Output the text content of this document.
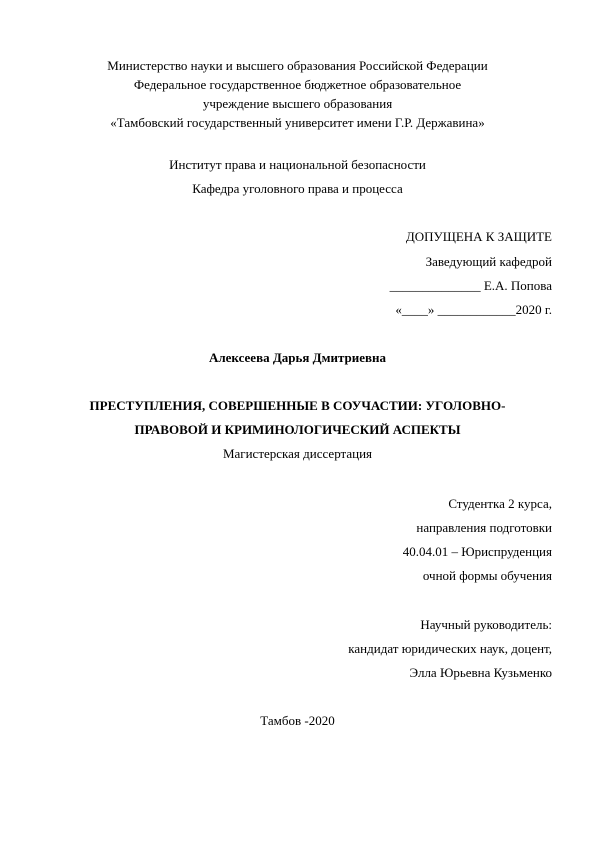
Министерство науки и высшего образования Российской Федерации
Федеральное государственное бюджетное образовательное
учреждение высшего образования
«Тамбовский государственный университет имени Г.Р. Державина»
Институт права и национальной безопасности
Кафедра уголовного права и процесса
ДОПУЩЕНА К ЗАЩИТЕ
Заведующий кафедрой
______________ Е.А. Попова
«____» ____________2020 г.
Алексеева Дарья Дмитриевна
ПРЕСТУПЛЕНИЯ, СОВЕРШЕННЫЕ В СОУЧАСТИИ: УГОЛОВНО-
ПРАВОВОЙ И КРИМИНОЛОГИЧЕСКИЙ АСПЕКТЫ
Магистерская диссертация
Студентка 2 курса,
направления подготовки
40.04.01 – Юриспруденция
очной формы обучения
Научный руководитель:
кандидат юридических наук, доцент,
Элла Юрьевна Кузьменко
Тамбов -2020
